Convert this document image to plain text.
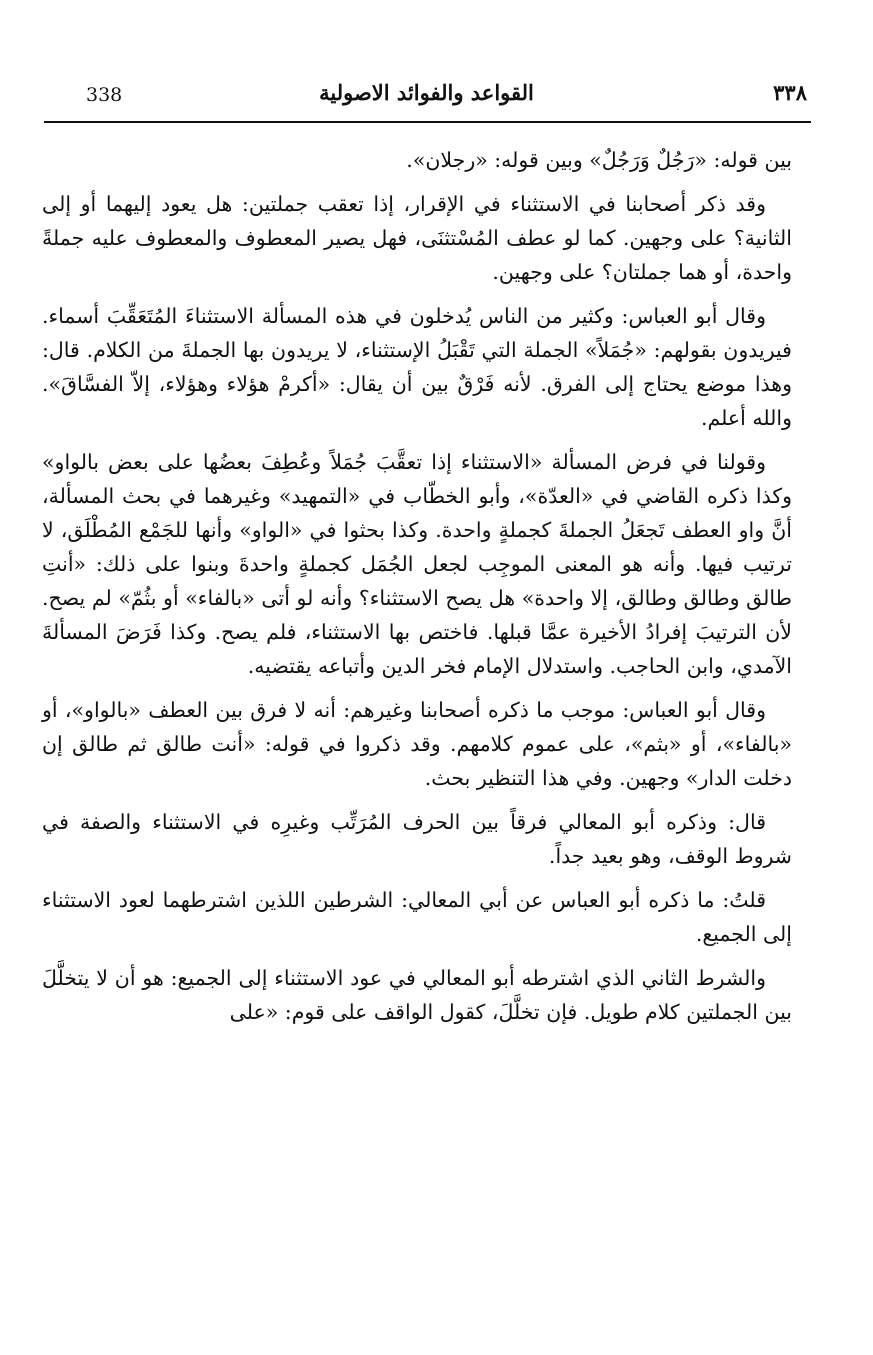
338	القواعد والفوائد الاصولية	٣٣٨

بين قوله: «رَجُلٌ وَرَجُلٌ» وبين قوله: «رجلان».

وقد ذكر أصحابنا في الاستثناء في الإقرار، إذا تعقب جملتين: هل يعود إليهما أو إلى الثانية؟ على وجهين. كما لو عطف المُسْتثنَى، فهل يصير المعطوف والمعطوف عليه جملةً واحدة، أو هما جملتان؟ على وجهين.

وقال أبو العباس: وكثير من الناس يُدخلون في هذه المسألة الاستثناءَ المُتَعَقِّبَ أسماء. فيريدون بقولهم: «جُمَلاً» الجملة التي تَقْبَلُ الإستثناء، لا يريدون بها الجملةَ من الكلام. قال: وهذا موضع يحتاج إلى الفرق. لأنه فَرْقٌ بين أن يقال: «أكرمْ هؤلاء وهؤلاء، إلاّ الفسَّاقَ». والله أعلم.

وقولنا في فرض المسألة «الاستثناء إذا تعقَّبَ جُمَلاً وعُطِفَ بعضُها على بعض بالواو» وكذا ذكره القاضي في «العدّة»، وأبو الخطّاب في «التمهيد» وغيرهما في بحث المسألة، أنَّ واو العطف تَجعَلُ الجملةَ كجملةٍ واحدة. وكذا بحثوا في «الواو» وأنها للجَمْع المُطْلَق، لا ترتيب فيها. وأنه هو المعنى الموجِب لجعل الجُمَل كجملةٍ واحدةَ وبنوا على ذلك: «أنتِ طالق وطالق وطالق، إلا واحدة» هل يصح الاستثناء؟ وأنه لو أتى «بالفاء» أو بثُمّ» لم يصح. لأن الترتيبَ إفرادُ الأخيرة عمَّا قبلها. فاختص بها الاستثناء، فلم يصح. وكذا فَرَضَ المسألةَ الآمدي، وابن الحاجب. واستدلال الإمام فخر الدين وأتباعه يقتضيه.

وقال أبو العباس: موجب ما ذكره أصحابنا وغيرهم: أنه لا فرق بين العطف «بالواو»، أو «بالفاء»، أو «بثم»، على عموم كلامهم. وقد ذكروا في قوله: «أنت طالق ثم طالق إن دخلت الدار» وجهين. وفي هذا التنظير بحث.

قال: وذكره أبو المعالي فرقاً بين الحرف المُرَتِّب وغيرِه في الاستثناء والصفة في شروط الوقف، وهو بعيد جداً.

قلتُ: ما ذكره أبو العباس عن أبي المعالي: الشرطين اللذين اشترطهما لعود الاستثناء إلى الجميع.

والشرط الثاني الذي اشترطه أبو المعالي في عود الاستثناء إلى الجميع: هو أن لا يتخلَّلَ بين الجملتين كلام طويل. فإن تخلَّلَ، كقول الواقف على قوم: «على
